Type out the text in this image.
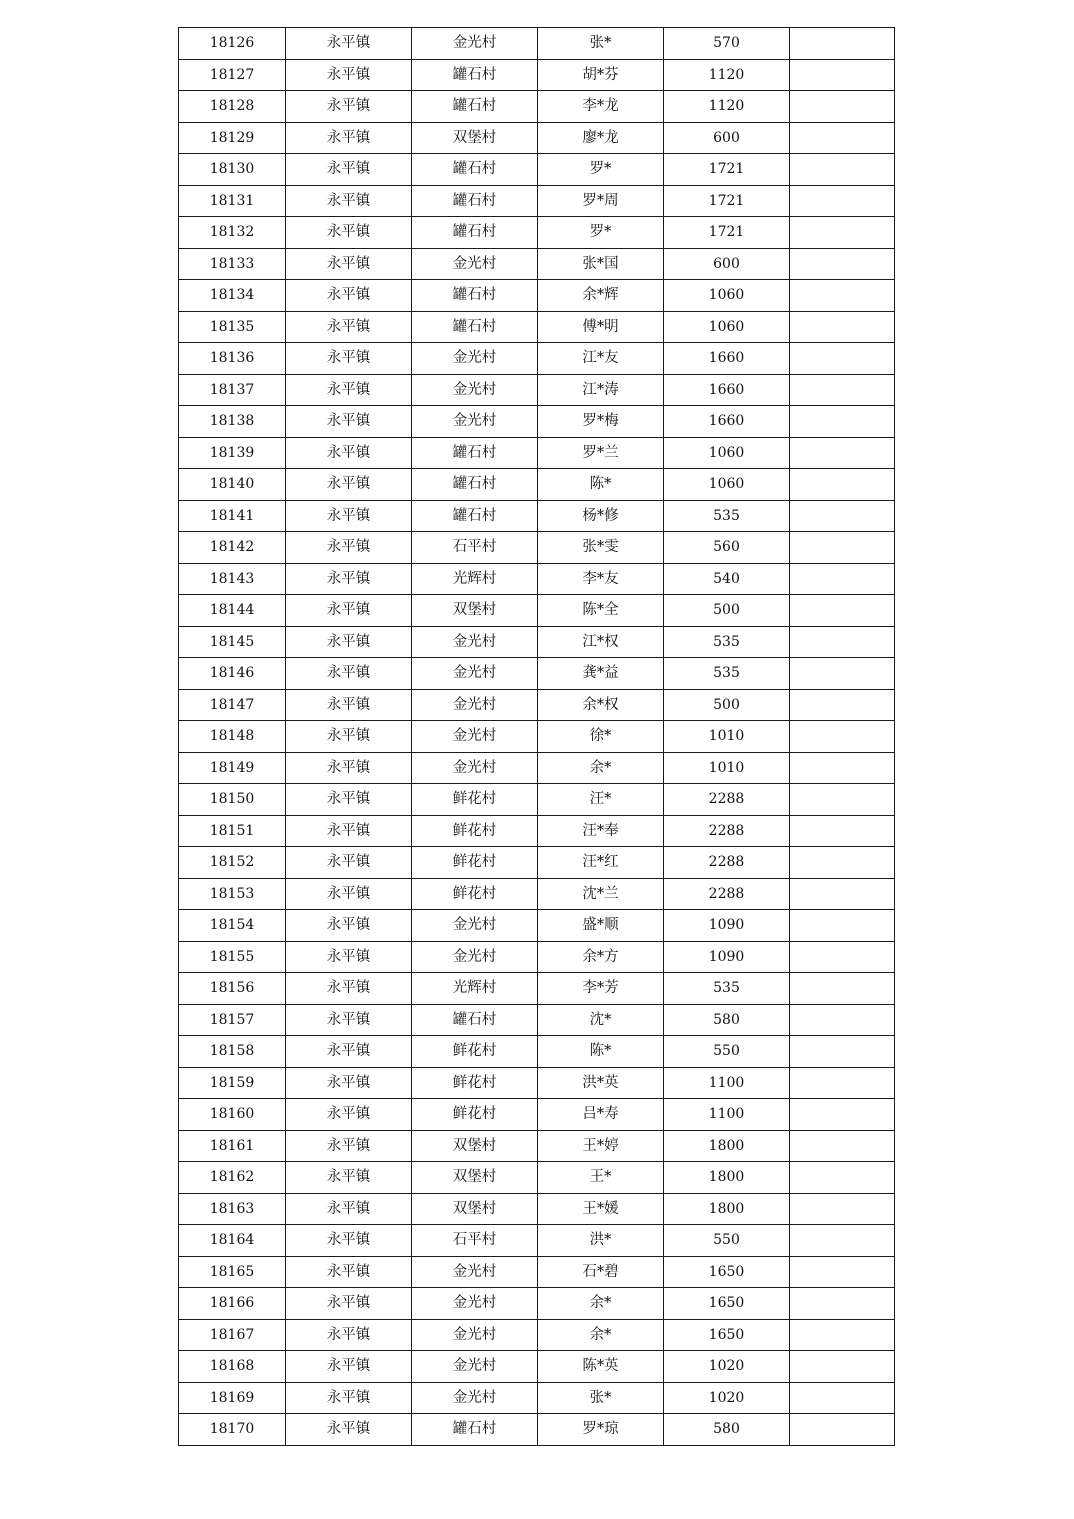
18126	永平镇	金光村	张*	570	
18127	永平镇	罐石村	胡*芬	1120	
18128	永平镇	罐石村	李*龙	1120	
18129	永平镇	双堡村	廖*龙	600	
18130	永平镇	罐石村	罗*	1721	
18131	永平镇	罐石村	罗*周	1721	
18132	永平镇	罐石村	罗*	1721	
18133	永平镇	金光村	张*国	600	
18134	永平镇	罐石村	余*辉	1060	
18135	永平镇	罐石村	傅*明	1060	
18136	永平镇	金光村	江*友	1660	
18137	永平镇	金光村	江*涛	1660	
18138	永平镇	金光村	罗*梅	1660	
18139	永平镇	罐石村	罗*兰	1060	
18140	永平镇	罐石村	陈*	1060	
18141	永平镇	罐石村	杨*修	535	
18142	永平镇	石平村	张*雯	560	
18143	永平镇	光辉村	李*友	540	
18144	永平镇	双堡村	陈*全	500	
18145	永平镇	金光村	江*权	535	
18146	永平镇	金光村	龚*益	535	
18147	永平镇	金光村	余*权	500	
18148	永平镇	金光村	徐*	1010	
18149	永平镇	金光村	余*	1010	
18150	永平镇	鲜花村	汪*	2288	
18151	永平镇	鲜花村	汪*奉	2288	
18152	永平镇	鲜花村	汪*红	2288	
18153	永平镇	鲜花村	沈*兰	2288	
18154	永平镇	金光村	盛*顺	1090	
18155	永平镇	金光村	余*方	1090	
18156	永平镇	光辉村	李*芳	535	
18157	永平镇	罐石村	沈*	580	
18158	永平镇	鲜花村	陈*	550	
18159	永平镇	鲜花村	洪*英	1100	
18160	永平镇	鲜花村	吕*寿	1100	
18161	永平镇	双堡村	王*婷	1800	
18162	永平镇	双堡村	王*	1800	
18163	永平镇	双堡村	王*媛	1800	
18164	永平镇	石平村	洪*	550	
18165	永平镇	金光村	石*碧	1650	
18166	永平镇	金光村	余*	1650	
18167	永平镇	金光村	余*	1650	
18168	永平镇	金光村	陈*英	1020	
18169	永平镇	金光村	张*	1020	
18170	永平镇	罐石村	罗*琼	580	
